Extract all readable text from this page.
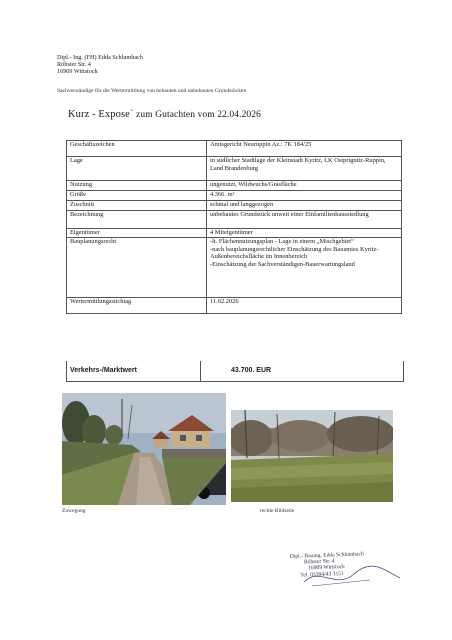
Dipl.- Ing. (FH) Edda Schlumbach
Röhster Str. 4
16909 Wittstock
Sachverständige für die Wertermittlung von bebauten und unbebauten Grundstücken
Kurz - Expose` zum Gutachten vom 22.04.2026
Geschäftszeichen	Amtsgericht Neuruppin Az.: 7K 184/25
Lage	in südlicher Stadtlage der Kleinstadt Kyritz, LK Ostprignitz-Ruppin, Land Brandenburg
Nutzung	ungenutzt, Wildwuchs/Grasfläche
Größe	4.366. m²
Zuschnitt	schmal und langgezogen
Bezeichnung	unbebautes Grundstück unweit einer Einfamilienhaussiedlung
Eigentümer	4 Miteigentümer
Bauplanungsrecht	-lt. Flächennutzungsplan - Lage in einem „Mischgebiet“
-nach bauplanungsrechtlicher Einschätzung des Bauamtes Kyritz-Außenbereichsfläche im Innenbereich
-Einschätzung der Sachverständigen-Bauerwartungsland
Wertermittlungsstichtag	11.02.2026
Verkehrs-/Marktwert	43.700. EUR
Zuwegung	rechte Bildseite
Dipl.- Bauing. Edda Schlumbach
Röhster Str. 4
16909 Wittstock
Tel. 03394/43 3151
